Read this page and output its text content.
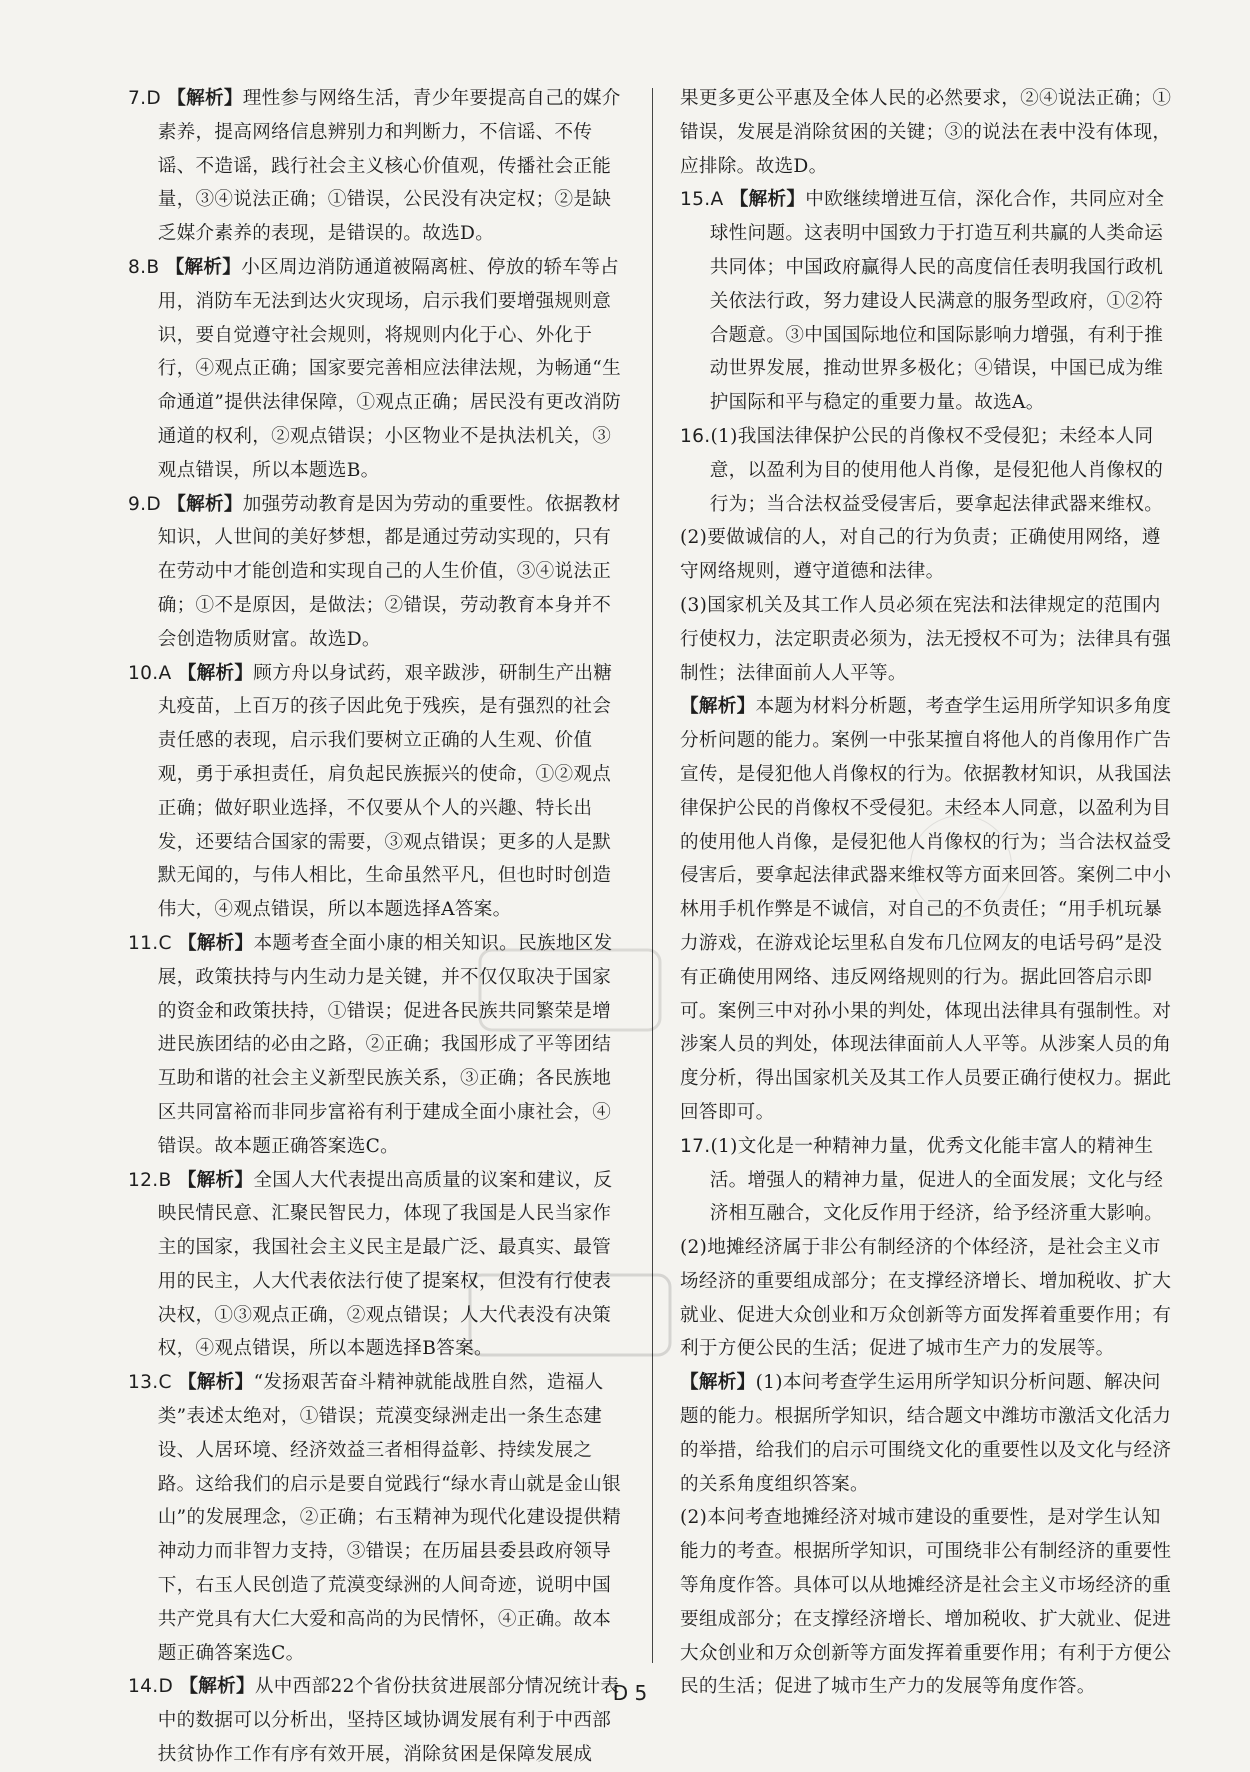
7.D 【解析】理性参与网络生活，青少年要提高自己的媒介素养，提高网络信息辨别力和判断力，不信谣、不传谣、不造谣，践行社会主义核心价值观，传播社会正能量，③④说法正确；①错误，公民没有决定权；②是缺乏媒介素养的表现，是错误的。故选D。

8.B 【解析】小区周边消防通道被隔离桩、停放的轿车等占用，消防车无法到达火灾现场，启示我们要增强规则意识，要自觉遵守社会规则，将规则内化于心、外化于行，④观点正确；国家要完善相应法律法规，为畅通“生命通道”提供法律保障，①观点正确；居民没有更改消防通道的权利，②观点错误；小区物业不是执法机关，③观点错误，所以本题选B。

9.D 【解析】加强劳动教育是因为劳动的重要性。依据教材知识，人世间的美好梦想，都是通过劳动实现的，只有在劳动中才能创造和实现自己的人生价值，③④说法正确；①不是原因，是做法；②错误，劳动教育本身并不会创造物质财富。故选D。

10.A 【解析】顾方舟以身试药，艰辛跋涉，研制生产出糖丸疫苗，上百万的孩子因此免于残疾，是有强烈的社会责任感的表现，启示我们要树立正确的人生观、价值观，勇于承担责任，肩负起民族振兴的使命，①②观点正确；做好职业选择，不仅要从个人的兴趣、特长出发，还要结合国家的需要，③观点错误；更多的人是默默无闻的，与伟人相比，生命虽然平凡，但也时时创造伟大，④观点错误，所以本题选择A答案。

11.C 【解析】本题考查全面小康的相关知识。民族地区发展，政策扶持与内生动力是关键，并不仅仅取决于国家的资金和政策扶持，①错误；促进各民族共同繁荣是增进民族团结的必由之路，②正确；我国形成了平等团结互助和谐的社会主义新型民族关系，③正确；各民族地区共同富裕而非同步富裕有利于建成全面小康社会，④错误。故本题正确答案选C。

12.B 【解析】全国人大代表提出高质量的议案和建议，反映民情民意、汇聚民智民力，体现了我国是人民当家作主的国家，我国社会主义民主是最广泛、最真实、最管用的民主，人大代表依法行使了提案权，但没有行使表决权，①③观点正确，②观点错误；人大代表没有决策权，④观点错误，所以本题选择B答案。

13.C 【解析】“发扬艰苦奋斗精神就能战胜自然，造福人类”表述太绝对，①错误；荒漠变绿洲走出一条生态建设、人居环境、经济效益三者相得益彰、持续发展之路。这给我们的启示是要自觉践行“绿水青山就是金山银山”的发展理念，②正确；右玉精神为现代化建设提供精神动力而非智力支持，③错误；在历届县委县政府领导下，右玉人民创造了荒漠变绿洲的人间奇迹，说明中国共产党具有大仁大爱和高尚的为民情怀，④正确。故本题正确答案选C。

14.D 【解析】从中西部22个省份扶贫进展部分情况统计表中的数据可以分析出，坚持区域协调发展有利于中西部扶贫协作工作有序有效开展，消除贫困是保障发展成

果更多更公平惠及全体人民的必然要求，②④说法正确；①错误，发展是消除贫困的关键；③的说法在表中没有体现，应排除。故选D。

15.A 【解析】中欧继续增进互信，深化合作，共同应对全球性问题。这表明中国致力于打造互利共赢的人类命运共同体；中国政府赢得人民的高度信任表明我国行政机关依法行政，努力建设人民满意的服务型政府，①②符合题意。③中国国际地位和国际影响力增强，有利于推动世界发展，推动世界多极化；④错误，中国已成为维护国际和平与稳定的重要力量。故选A。

16.(1)我国法律保护公民的肖像权不受侵犯；未经本人同意，以盈利为目的使用他人肖像，是侵犯他人肖像权的行为；当合法权益受侵害后，要拿起法律武器来维权。

(2)要做诚信的人，对自己的行为负责；正确使用网络，遵守网络规则，遵守道德和法律。

(3)国家机关及其工作人员必须在宪法和法律规定的范围内行使权力，法定职责必须为，法无授权不可为；法律具有强制性；法律面前人人平等。

【解析】本题为材料分析题，考查学生运用所学知识多角度分析问题的能力。案例一中张某擅自将他人的肖像用作广告宣传，是侵犯他人肖像权的行为。依据教材知识，从我国法律保护公民的肖像权不受侵犯。未经本人同意，以盈利为目的使用他人肖像，是侵犯他人肖像权的行为；当合法权益受侵害后，要拿起法律武器来维权等方面来回答。案例二中小林用手机作弊是不诚信，对自己的不负责任；“用手机玩暴力游戏，在游戏论坛里私自发布几位网友的电话号码”是没有正确使用网络、违反网络规则的行为。据此回答启示即可。案例三中对孙小果的判处，体现出法律具有强制性。对涉案人员的判处，体现法律面前人人平等。从涉案人员的角度分析，得出国家机关及其工作人员要正确行使权力。据此回答即可。

17.(1)文化是一种精神力量，优秀文化能丰富人的精神生活。增强人的精神力量，促进人的全面发展；文化与经济相互融合，文化反作用于经济，给予经济重大影响。

(2)地摊经济属于非公有制经济的个体经济，是社会主义市场经济的重要组成部分；在支撑经济增长、增加税收、扩大就业、促进大众创业和万众创新等方面发挥着重要作用；有利于方便公民的生活；促进了城市生产力的发展等。

【解析】(1)本问考查学生运用所学知识分析问题、解决问题的能力。根据所学知识，结合题文中潍坊市激活文化活力的举措，给我们的启示可围绕文化的重要性以及文化与经济的关系角度组织答案。

(2)本问考查地摊经济对城市建设的重要性，是对学生认知能力的考查。根据所学知识，可围绕非公有制经济的重要性等角度作答。具体可以从地摊经济是社会主义市场经济的重要组成部分；在支撑经济增长、增加税收、扩大就业、促进大众创业和万众创新等方面发挥着重要作用；有利于方便公民的生活；促进了城市生产力的发展等角度作答。

D 5
